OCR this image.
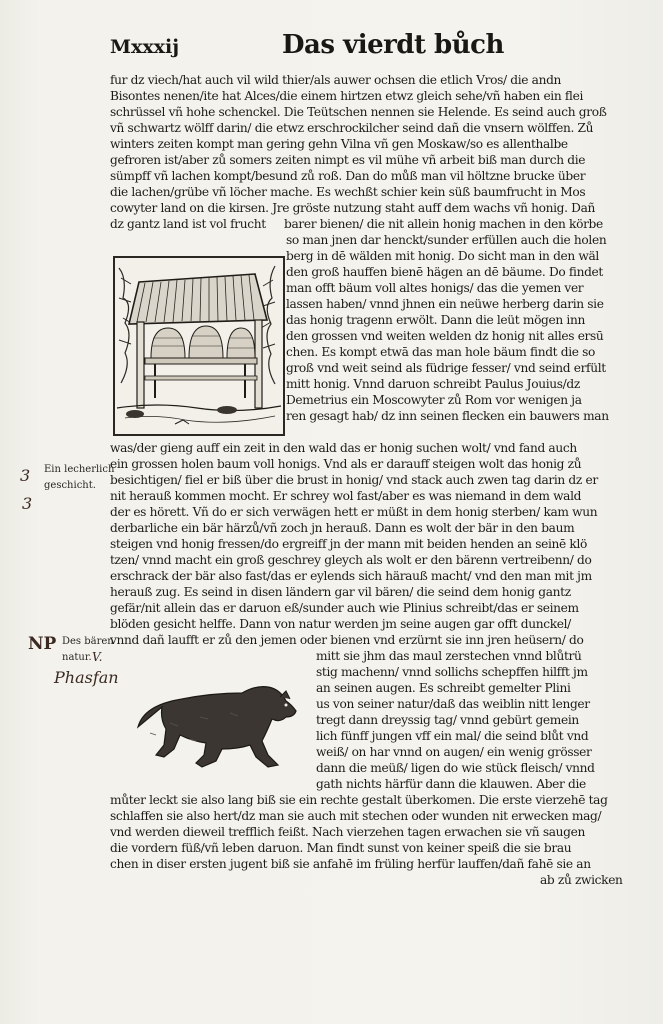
Mxxxij	Das vierdt bůch
Ein lecherlich
geschicht.
3
3
NP Des bären
natur. V.
Phasfan
fur dz viech/hat auch vil wild thier/als auwer ochsen die etlich Vros/ die andn
Bisontes nenen/ite hat Alces/die einem hirtzen etwz gleich sehe/vñ haben ein flei
schrüssel vñ hohe schenckel. Die Teütschen nennen sie Helende. Es seind auch groß
vñ schwartz wölff darin/ die etwz erschrockilcher seind dañ die vnsern wölffen. Zů
winters zeiten kompt man gering gehn Vilna vñ gen Moskaw/so es allenthalbe
gefroren ist/aber zů somers zeiten nimpt es vil mühe vñ arbeit biß man durch die
sümpff vñ lachen kompt/besund zů roß. Dan do můß man vil höltzne brucke über
die lachen/grübe vñ löcher mache. Es wechßt schier kein süß baumfrucht in Mos
cowyter land on die kirsen. Jre gröste nutzung staht auff dem wachs vñ honig. Dañ
dz gantz land ist vol frucht	barer bienen/ die nit allein honig machen in den körbe
so man jnen dar henckt/sunder erfüllen auch die holen
berg in dē wälden mit honig. Do sicht man in den wäl
den groß hauffen bienē hägen an dē bäume. Do findet
man offt bäum voll altes honigs/ das die yemen ver
lassen haben/ vnnd jhnen ein neüwe herberg darin sie
das honig tragenn erwölt. Dann die leüt mögen inn
den grossen vnd weiten welden dz honig nit alles ersū
chen. Es kompt etwā das man hole bäum findt die so
groß vnd weit seind als füdrige fesser/ vnd seind erfült
mitt honig. Vnnd daruon schreibt Paulus Jouius/dz
Demetrius ein Moscowyter zů Rom vor wenigen ja
ren gesagt hab/ dz inn seinen flecken ein bauwers man
was/der gieng auff ein zeit in den wald das er honig suchen wolt/ vnd fand auch
ein grossen holen baum voll honigs. Vnd als er darauff steigen wolt das honig zů
besichtigen/ fiel er biß über die brust in honig/ vnd stack auch zwen tag darin dz er
nit herauß kommen mocht. Er schrey wol fast/aber es was niemand in dem wald
der es hörett. Vñ do er sich verwägen hett er müßt in dem honig sterben/ kam wun
derbarliche ein bär härzů/vñ zoch jn herauß. Dann es wolt der bär in den baum
steigen vnd honig fressen/do ergreiff jn der mann mit beiden henden an seinē klö
tzen/ vnnd macht ein groß geschrey gleych als wolt er den bärenn vertreibenn/ do
erschrack der bär also fast/das er eylends sich härauß macht/ vnd den man mit jm
herauß zug. Es seind in disen ländern gar vil bären/ die seind dem honig gantz
gefär/nit allein das er daruon eß/sunder auch wie Plinius schreibt/das er seinem
blöden gesicht helffe. Dann von natur werden jm seine augen gar offt dunckel/
vnnd dañ laufft er zů den jemen oder bienen vnd erzürnt sie inn jren heüsern/ do
mitt sie jhm das maul zerstechen vnnd blůtrü
stig machenn/ vnnd sollichs schepffen hilfft jm
an seinen augen. Es schreibt gemelter Plini
us von seiner natur/daß das weiblin nitt lenger
tregt dann dreyssig tag/ vnnd gebürt gemein
lich fünff jungen vff ein mal/ die seind blůt vnd
weiß/ on har vnnd on augen/ ein wenig grösser
dann die meüß/ ligen do wie stück fleisch/ vnnd
gath nichts härfür dann die klauwen. Aber die
můter leckt sie also lang biß sie ein rechte gestalt überkomen. Die erste vierzehē tag
schlaffen sie also hert/dz man sie auch mit stechen oder wunden nit erwecken mag/
vnd werden dieweil trefflich feißt. Nach vierzehen tagen erwachen sie vñ saugen
die vordern füß/vñ leben daruon. Man findt sunst von keiner speiß die sie brau
chen in diser ersten jugent biß sie anfahē im früling herfür lauffen/dañ fahē sie an
ab zů zwicken
